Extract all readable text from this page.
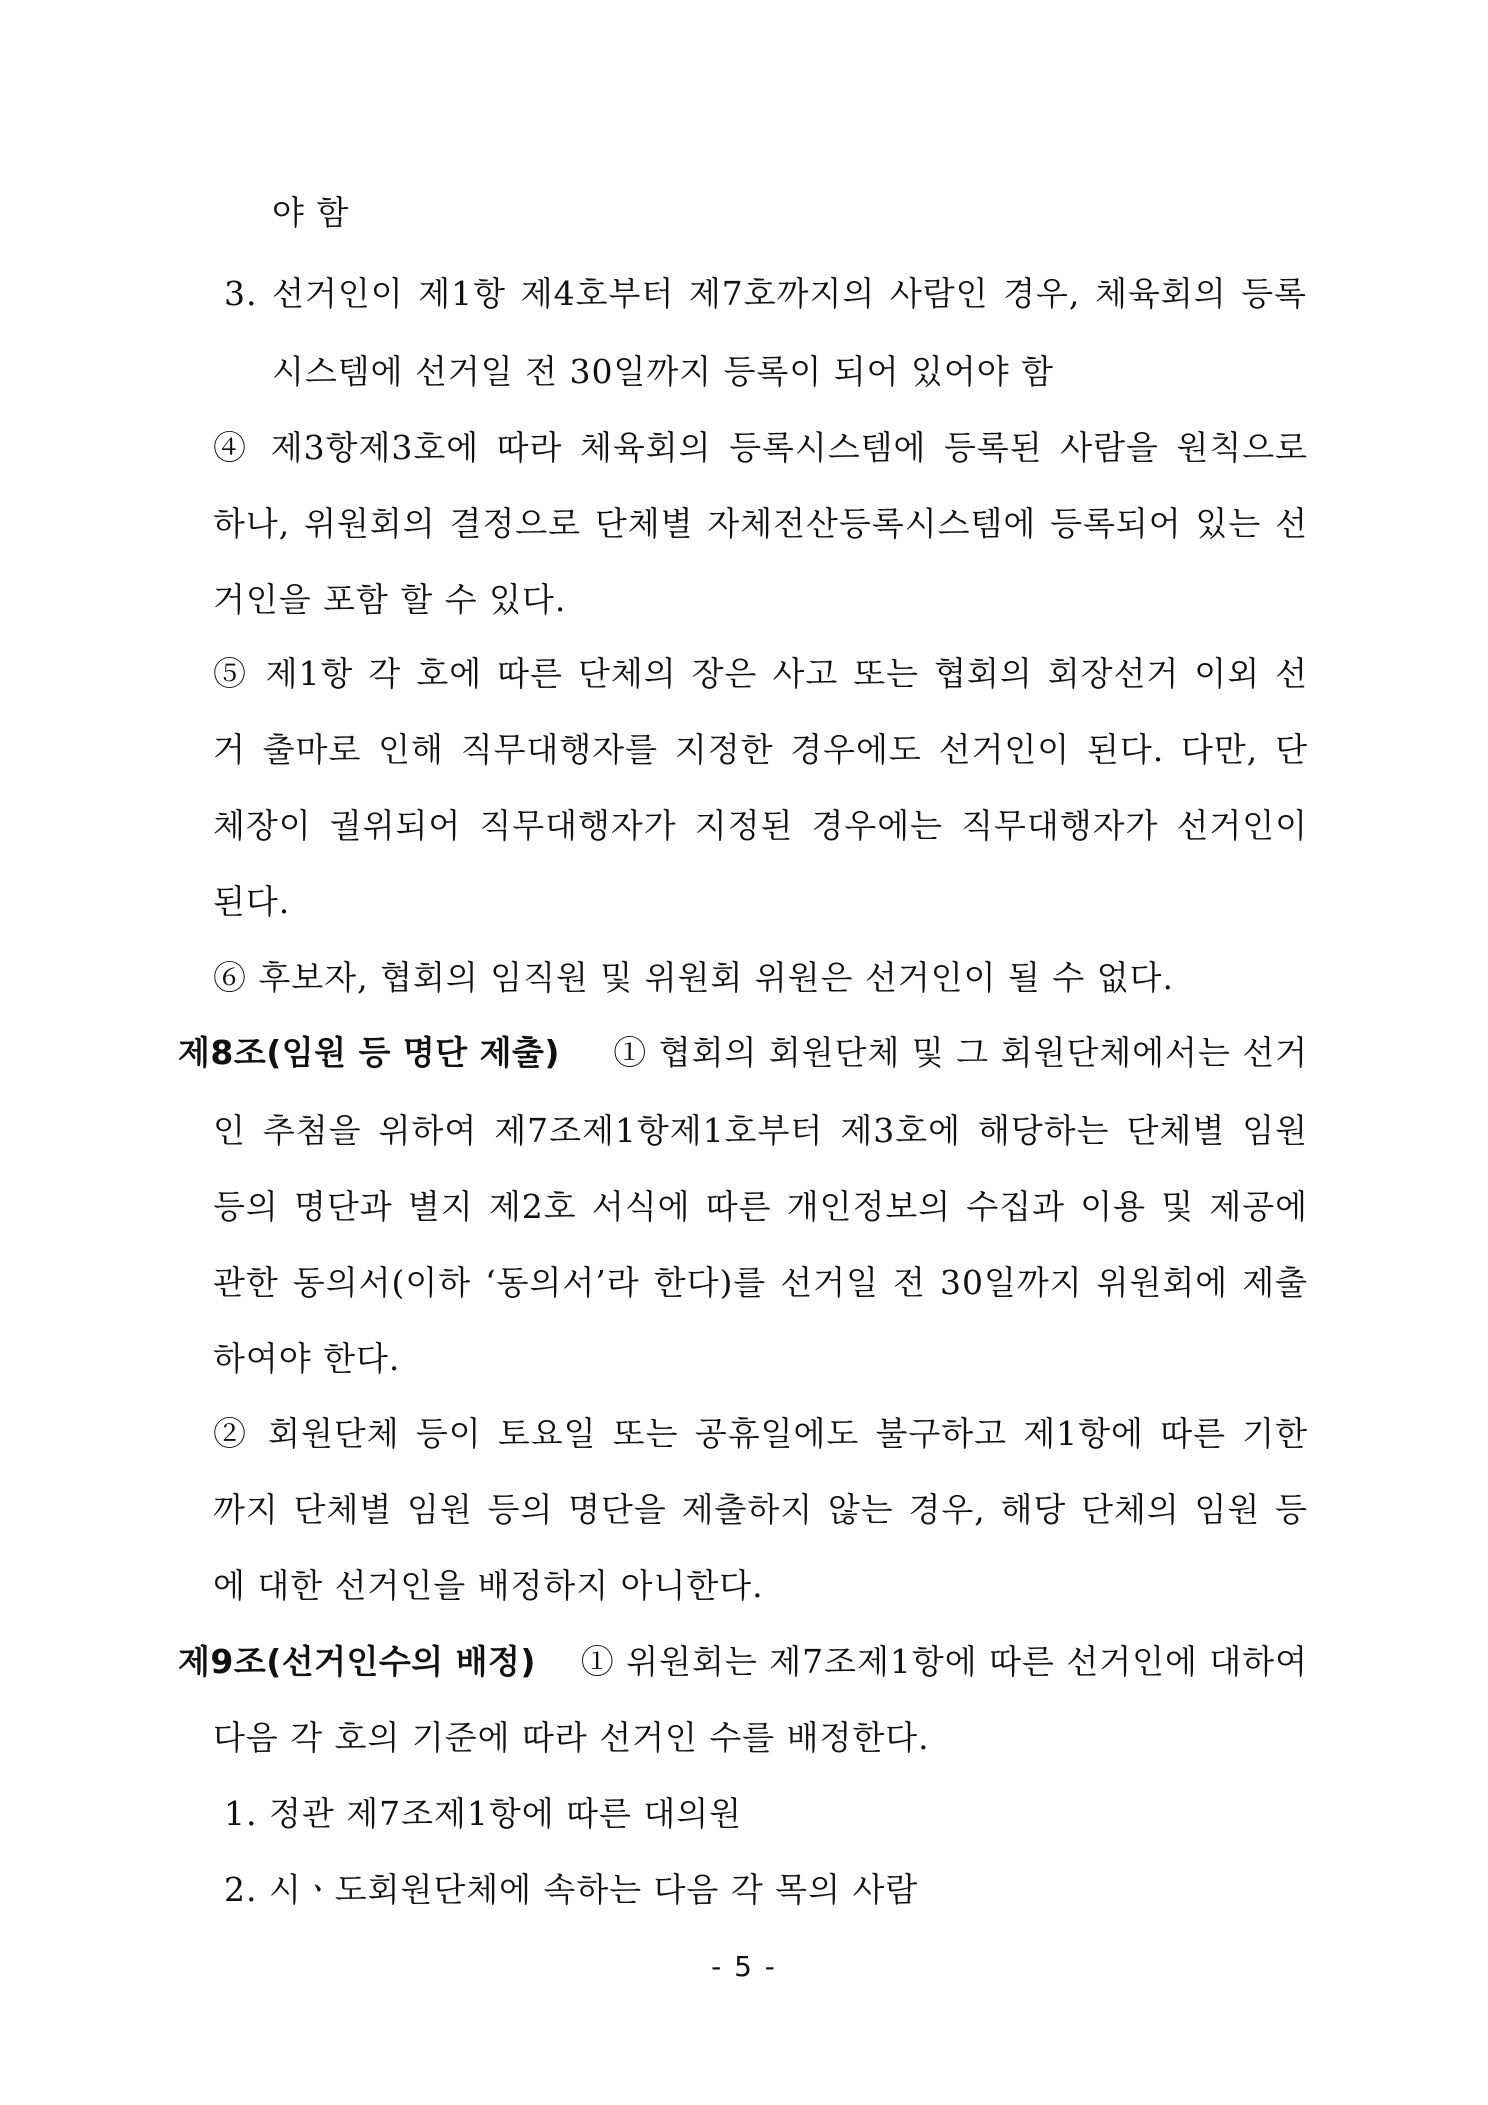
야 함
3. 선거인이 제1항 제4호부터 제7호까지의 사람인 경우, 체육회의 등록
시스템에 선거일 전 30일까지 등록이 되어 있어야 함
④ 제3항제3호에 따라 체육회의 등록시스템에 등록된 사람을 원칙으로
하나, 위원회의 결정으로 단체별 자체전산등록시스템에 등록되어 있는 선
거인을 포함 할 수 있다.
⑤ 제1항 각 호에 따른 단체의 장은 사고 또는 협회의 회장선거 이외 선
거 출마로 인해 직무대행자를 지정한 경우에도 선거인이 된다. 다만, 단
체장이 궐위되어 직무대행자가 지정된 경우에는 직무대행자가 선거인이
된다.
⑥ 후보자, 협회의 임직원 및 위원회 위원은 선거인이 될 수 없다.
제8조(임원 등 명단 제출) ① 협회의 회원단체 및 그 회원단체에서는 선거
인 추첨을 위하여 제7조제1항제1호부터 제3호에 해당하는 단체별 임원
등의 명단과 별지 제2호 서식에 따른 개인정보의 수집과 이용 및 제공에
관한 동의서(이하 ‘동의서’라 한다)를 선거일 전 30일까지 위원회에 제출
하여야 한다.
② 회원단체 등이 토요일 또는 공휴일에도 불구하고 제1항에 따른 기한
까지 단체별 임원 등의 명단을 제출하지 않는 경우, 해당 단체의 임원 등
에 대한 선거인을 배정하지 아니한다.
제9조(선거인수의 배정) ① 위원회는 제7조제1항에 따른 선거인에 대하여
다음 각 호의 기준에 따라 선거인 수를 배정한다.
1. 정관 제7조제1항에 따른 대의원
2. 시ㆍ도회원단체에 속하는 다음 각 목의 사람
- 5 -
